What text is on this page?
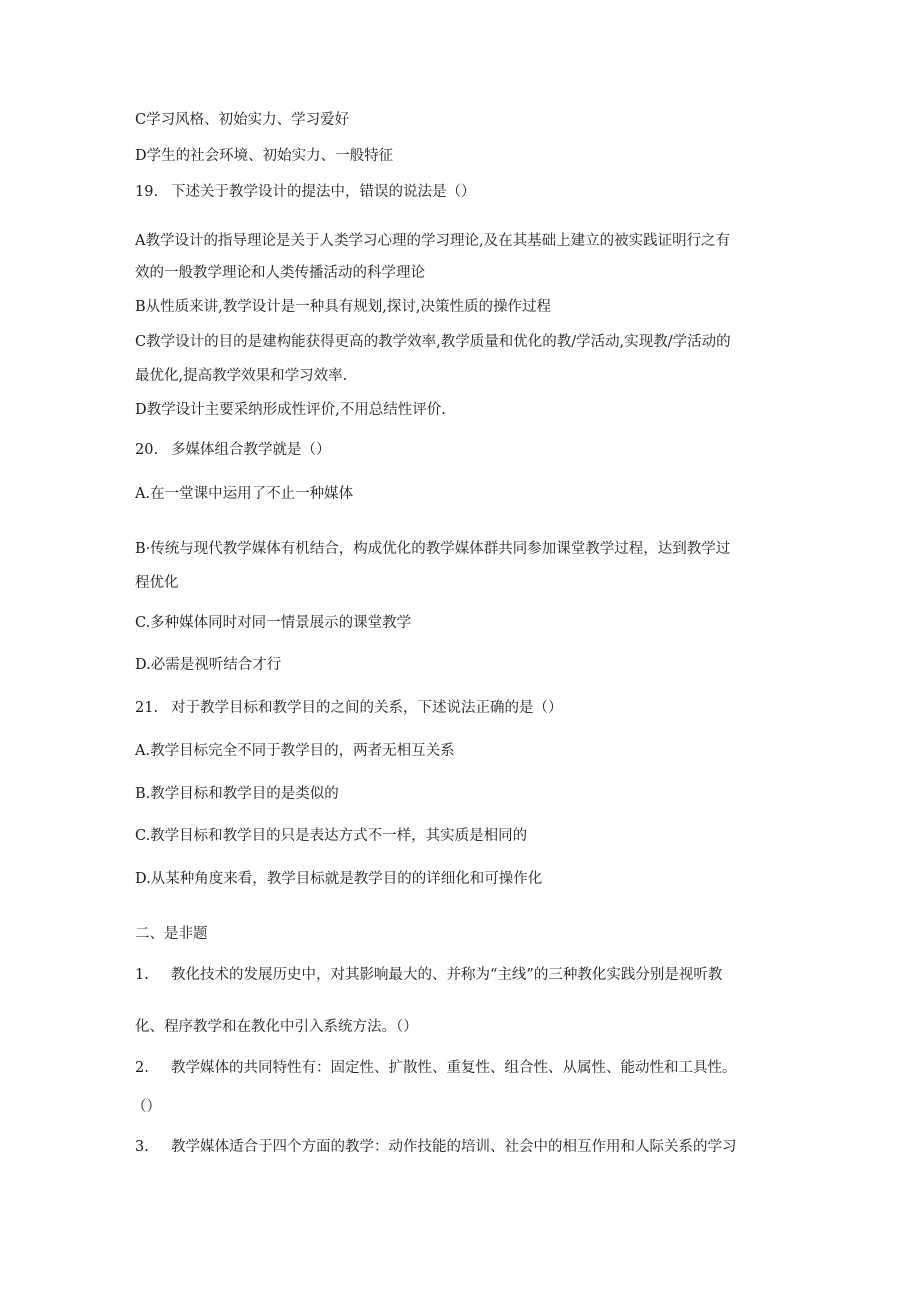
C学习风格、初始实力、学习爱好
D学生的社会环境、初始实力、一般特征
19. 下述关于教学设计的提法中，错误的说法是（）
A教学设计的指导理论是关于人类学习心理的学习理论,及在其基础上建立的被实践证明行之有
效的一般教学理论和人类传播活动的科学理论
B从性质来讲,教学设计是一种具有规划,探讨,决策性质的操作过程
C教学设计的目的是建构能获得更高的教学效率,教学质量和优化的教/学活动,实现教/学活动的
最优化,提高教学效果和学习效率.
D教学设计主要采纳形成性评价,不用总结性评价.
20. 多媒体组合教学就是（）
A.在一堂课中运用了不止一种媒体
B·传统与现代教学媒体有机结合，构成优化的教学媒体群共同参加课堂教学过程，达到教学过
程优化
C.多种媒体同时对同一情景展示的课堂教学
D.必需是视听结合才行
21. 对于教学目标和教学目的之间的关系，下述说法正确的是（）
A.教学目标完全不同于教学目的，两者无相互关系
B.教学目标和教学目的是类似的
C.教学目标和教学目的只是表达方式不一样，其实质是相同的
D.从某种角度来看，教学目标就是教学目的的详细化和可操作化
二、是非题
1. 教化技术的发展历史中，对其影响最大的、并称为“主线”的三种教化实践分别是视听教
化、程序教学和在教化中引入系统方法。（）
2. 教学媒体的共同特性有：固定性、扩散性、重复性、组合性、从属性、能动性和工具性。
（）
3. 教学媒体适合于四个方面的教学：动作技能的培训、社会中的相互作用和人际关系的学习
